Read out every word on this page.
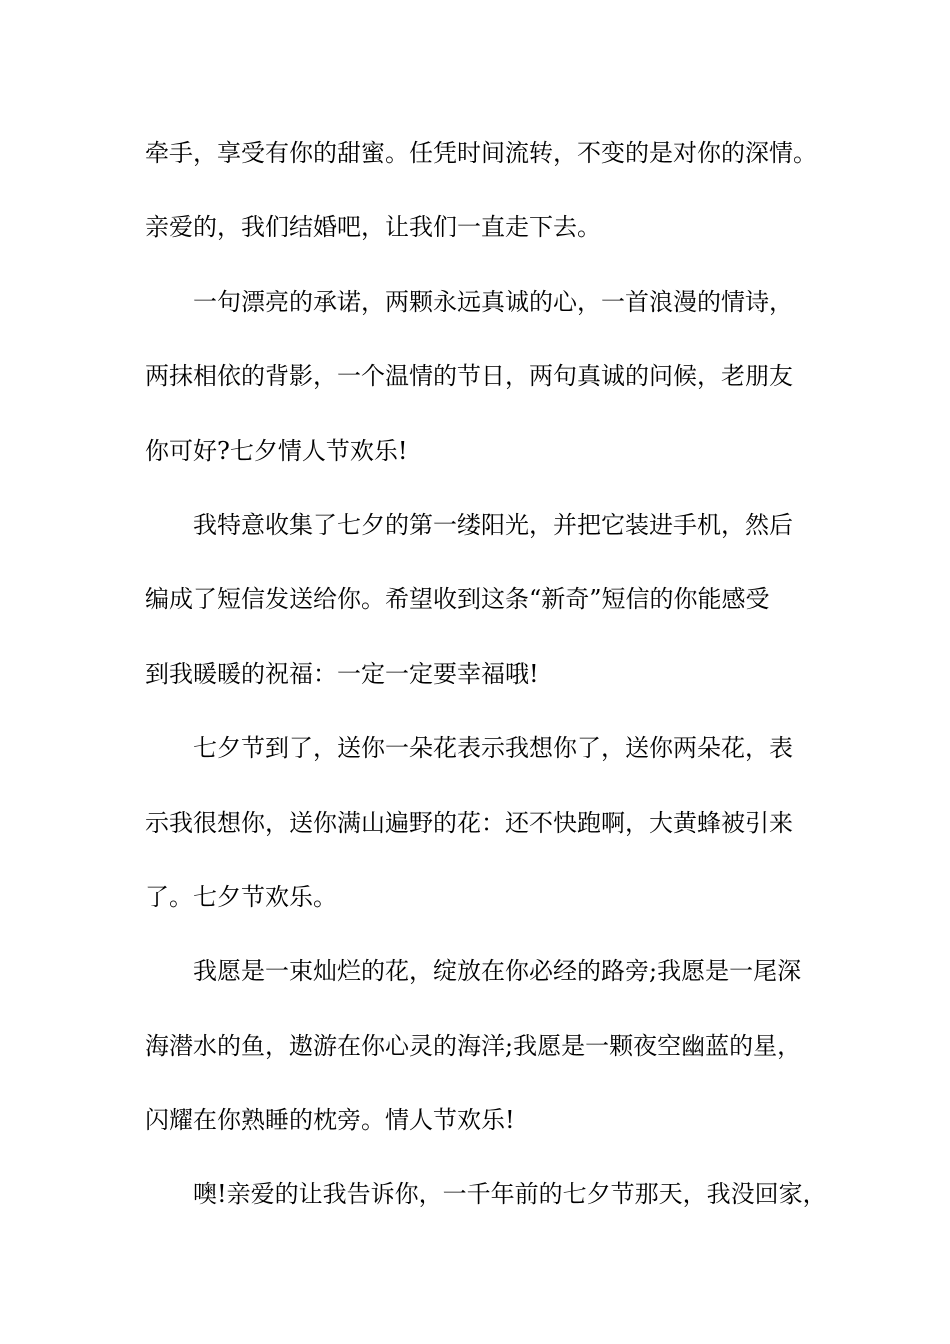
牵手，享受有你的甜蜜。任凭时间流转，不变的是对你的深情。
亲爱的，我们结婚吧，让我们一直走下去。
一句漂亮的承诺，两颗永远真诚的心，一首浪漫的情诗，
两抹相依的背影，一个温情的节日，两句真诚的问候，老朋友
你可好?七夕情人节欢乐!
我特意收集了七夕的第一缕阳光，并把它装进手机，然后
编成了短信发送给你。希望收到这条“新奇”短信的你能感受
到我暖暖的祝福：一定一定要幸福哦!
七夕节到了，送你一朵花表示我想你了，送你两朵花，表
示我很想你，送你满山遍野的花：还不快跑啊，大黄蜂被引来
了。七夕节欢乐。
我愿是一束灿烂的花，绽放在你必经的路旁;我愿是一尾深
海潜水的鱼，遨游在你心灵的海洋;我愿是一颗夜空幽蓝的星，
闪耀在你熟睡的枕旁。情人节欢乐!
噢!亲爱的让我告诉你，一千年前的七夕节那天，我没回家，
